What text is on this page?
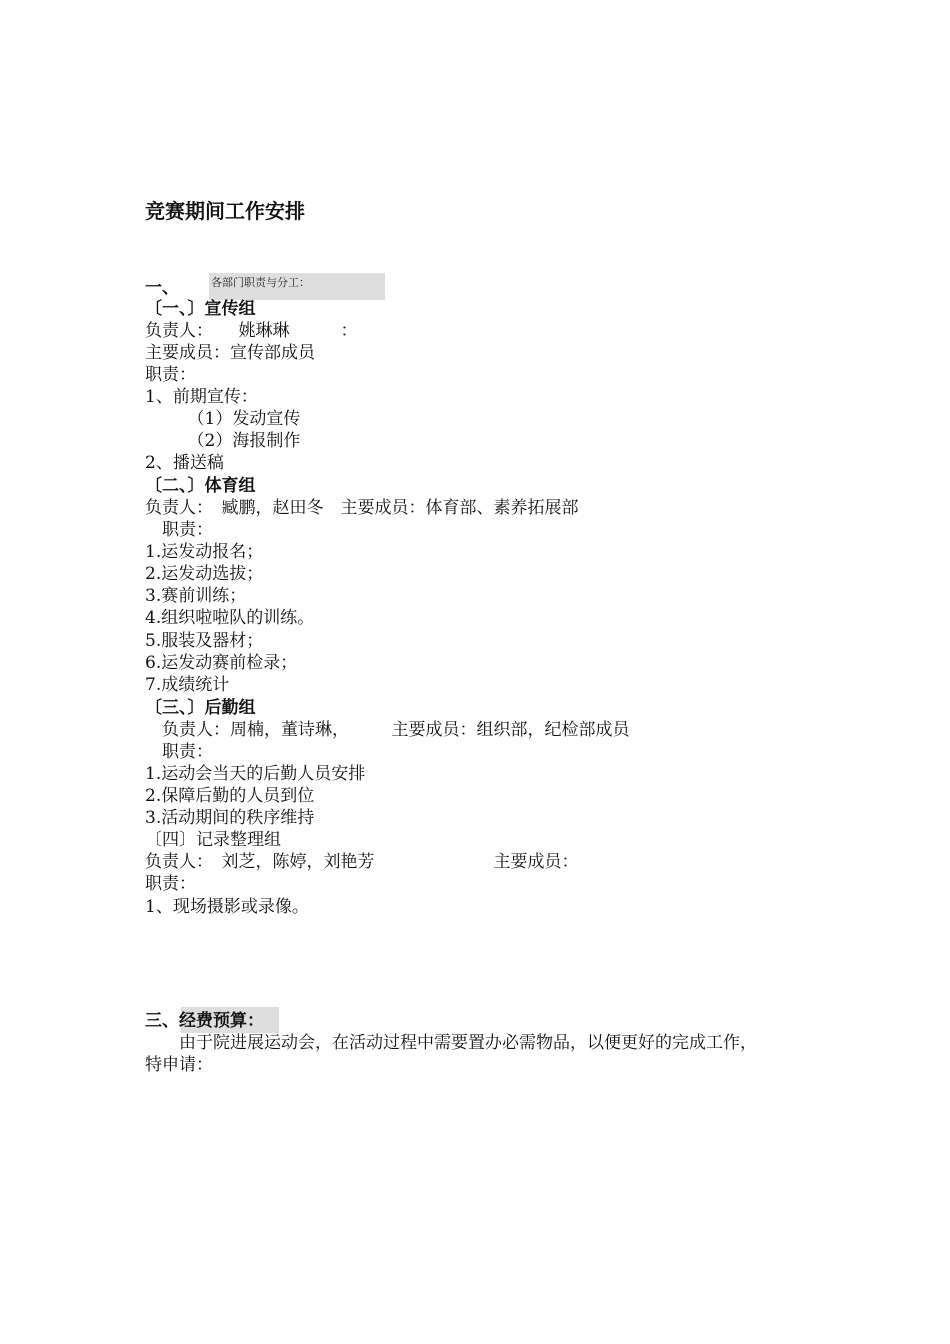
竞赛期间工作安排
各部门职责与分工：
一、
〔一、〕宣传组
负责人：　　姚琳琳　　　：
主要成员：宣传部成员
职责：
1、前期宣传：
　　　（1）发动宣传
　　　（2）海报制作
2、播送稿
〔二、〕体育组
负责人：　臧鹏，赵田冬　主要成员：体育部、素养拓展部
　职责：
1.运发动报名；
2.运发动选拔；
3.赛前训练；
4.组织啦啦队的训练。
5.服装及器材；
6.运发动赛前检录；
7.成绩统计
〔三、〕后勤组
　负责人：周楠，董诗琳，　　　主要成员：组织部，纪检部成员
　职责：
1.运动会当天的后勤人员安排
2.保障后勤的人员到位
3.活动期间的秩序维持
〔四〕记录整理组
负责人：　刘芝，陈婷，刘艳芳　　　　　　　主要成员：
职责：
1、现场摄影或录像。
三、经费预算：
　　由于院进展运动会，在活动过程中需要置办必需物品，以便更好的完成工作，
特申请：
